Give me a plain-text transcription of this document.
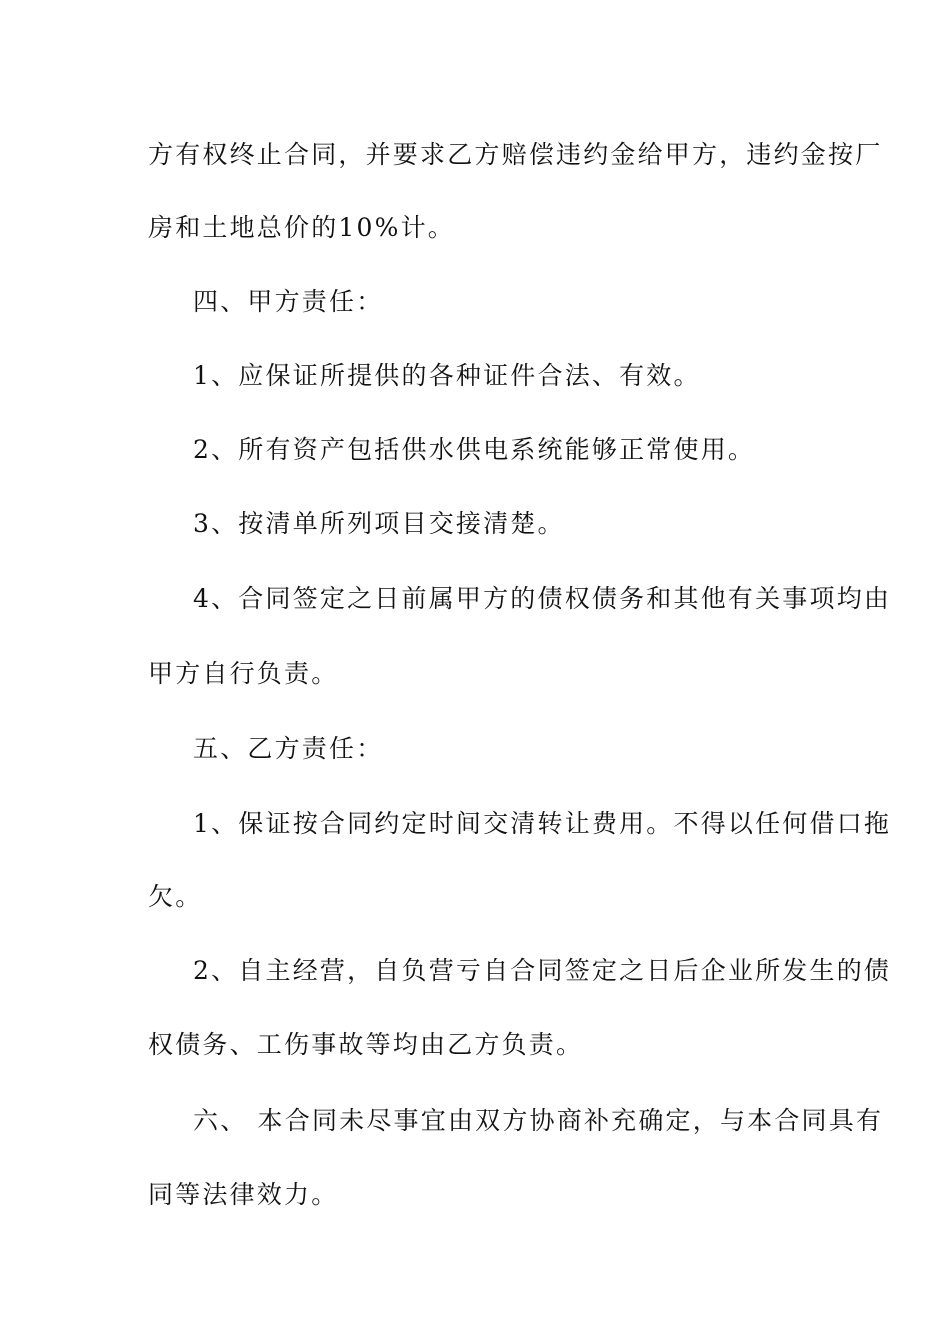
方有权终止合同，并要求乙方赔偿违约金给甲方，违约金按厂
房和土地总价的10%计。
四、甲方责任：
1、应保证所提供的各种证件合法、有效。
2、所有资产包括供水供电系统能够正常使用。
3、按清单所列项目交接清楚。
4、合同签定之日前属甲方的债权债务和其他有关事项均由
甲方自行负责。
五、乙方责任：
1、保证按合同约定时间交清转让费用。不得以任何借口拖
欠。
2、自主经营，自负营亏自合同签定之日后企业所发生的债
权债务、工伤事故等均由乙方负责。
六、 本合同未尽事宜由双方协商补充确定，与本合同具有
同等法律效力。
